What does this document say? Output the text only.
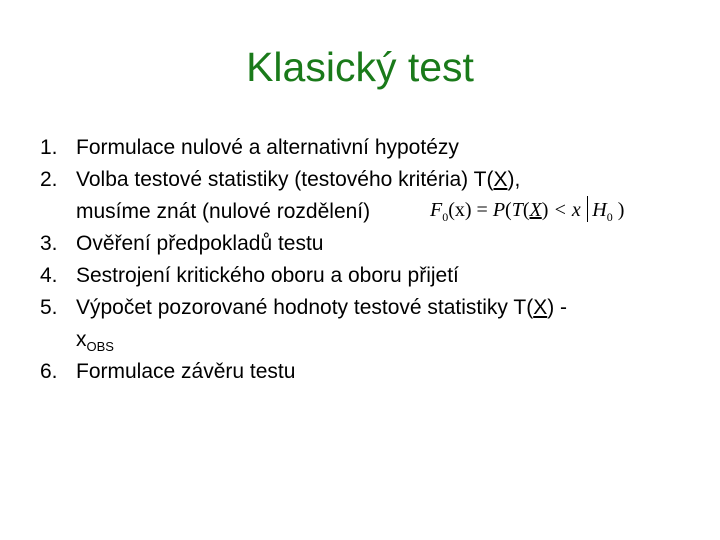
Klasický test
1. Formulace nulové a alternativní hypotézy
2. Volba testové statistiky (testového kritéria) T(X),
musíme znát (nulové rozdělení)
3. Ověření předpokladů testu
4. Sestrojení kritického oboru a oboru přijetí
5. Výpočet pozorované hodnoty testové statistiky T(X) -
$x_{OBS}$
6. Formulace závěru testu
$F_0(x) = P(T(X) < x$ $H_0$ )
